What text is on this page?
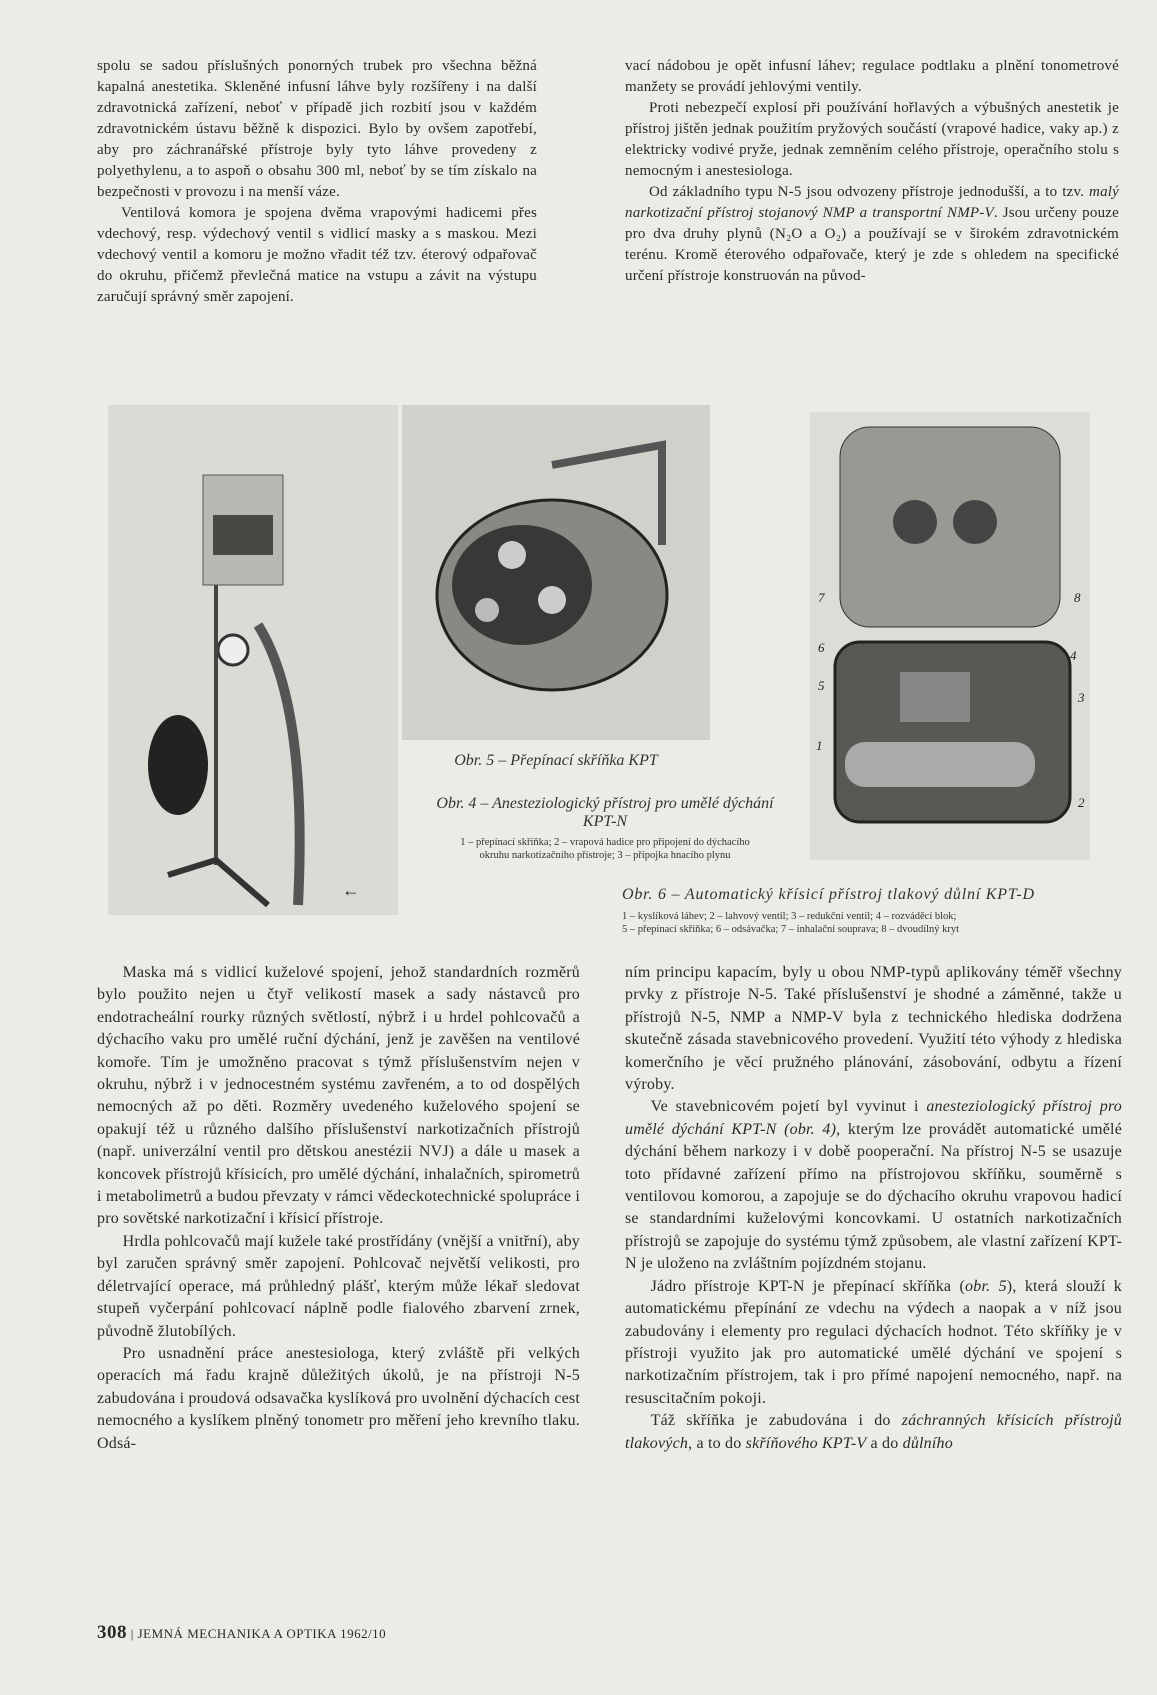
spolu se sadou příslušných ponorných trubek pro všechna běžná kapalná anestetika. Skleněné infusní láhve byly rozšířeny i na další zdravotnická zařízení, neboť v případě jich rozbití jsou v každém zdravotnickém ústavu běžně k dispozici. Bylo by ovšem zapotřebí, aby pro záchranářské přístroje byly tyto láhve provedeny z polyethylenu, a to aspoň o obsahu 300 ml, neboť by se tím získalo na bezpečnosti v provozu i na menší váze.

Ventilová komora je spojena dvěma vrapovými hadicemi přes vdechový, resp. výdechový ventil s vidlicí masky a s maskou. Mezi vdechový ventil a komoru je možno vřadit též tzv. éterový odpařovač do okruhu, přičemž převlečná matice na vstupu a závit na výstupu zaručují správný směr zapojení.

vací nádobou je opět infusní láhev; regulace podtlaku a plnění tonometrové manžety se provádí jehlovými ventily.

Proti nebezpečí explosí při používání hořlavých a výbušných anestetik je přístroj jištěn jednak použitím pryžových součástí (vrapové hadice, vaky ap.) z elektricky vodivé pryže, jednak zemněním celého přístroje, operačního stolu s nemocným i anestesiologa.

Od základního typu N-5 jsou odvozeny přístroje jednodušší, a to tzv. malý narkotizační přístroj stojanový NMP a transportní NMP-V. Jsou určeny pouze pro dva druhy plynů (N₂O a O₂) a používají se v širokém zdravotnickém terénu. Kromě éterového odpařovače, který je zde s ohledem na specifické určení přístroje konstruován na původ-

Obr. 5 – Přepínací skříňka KPT
Obr. 4 – Anesteziologický přístroj pro umělé dýchání
KPT-N
1 – přepínací skříňka; 2 – vrapová hadice pro připojení do dýchacího
okruhu narkotizačního přístroje; 3 – přípojka hnacího plynu
←
7	8
6
4
5
3
1
2
Obr. 6 – Automatický křísicí přístroj tlakový důlní KPT-D
1 – kyslíková láhev; 2 – lahvový ventil; 3 – redukční ventil; 4 – rozváděcí blok;
5 – přepínací skříňka; 6 – odsávačka; 7 – inhalační souprava; 8 – dvoudílný kryt

Maska má s vidlicí kuželové spojení, jehož standardních rozměrů bylo použito nejen u čtyř velikostí masek a sady nástavců pro endotracheální rourky různých světlostí, nýbrž i u hrdel pohlcovačů a dýchacího vaku pro umělé ruční dýchání, jenž je zavěšen na ventilové komoře. Tím je umožněno pracovat s týmž příslušenstvím nejen v okruhu, nýbrž i v jednocestném systému zavřeném, a to od dospělých nemocných až po děti. Rozměry uvedeného kuželového spojení se opakují též u různého dalšího příslušenství narkotizačních přístrojů (např. univerzální ventil pro dětskou anestézii NVJ) a dále u masek a koncovek přístrojů křísicích, pro umělé dýchání, inhalačních, spirometrů i metabolimetrů a budou převzaty v rámci vědeckotechnické spolupráce i pro sovětské narkotizační i křísicí přístroje.

Hrdla pohlcovačů mají kužele také prostřídány (vnější a vnitřní), aby byl zaručen správný směr zapojení. Pohlcovač největší velikosti, pro déletrvající operace, má průhledný plášť, kterým může lékař sledovat stupeň vyčerpání pohlcovací náplně podle fialového zbarvení zrnek, původně žlutobílých.

Pro usnadnění práce anestesiologa, který zvláště při velkých operacích má řadu krajně důležitých úkolů, je na přístroji N-5 zabudována i proudová odsavačka kyslíková pro uvolnění dýchacích cest nemocného a kyslíkem plněný tonometr pro měření jeho krevního tlaku. Odsá-

ním principu kapacím, byly u obou NMP-typů aplikovány téměř všechny prvky z přístroje N-5. Také příslušenství je shodné a záměnné, takže u přístrojů N-5, NMP a NMP-V byla z technického hlediska dodržena skutečně zásada stavebnicového provedení. Využití této výhody z hlediska komerčního je věcí pružného plánování, zásobování, odbytu a řízení výroby.

Ve stavebnicovém pojetí byl vyvinut i anesteziologický přístroj pro umělé dýchání KPT-N (obr. 4), kterým lze provádět automatické umělé dýchání během narkozy i v době pooperační. Na přístroj N-5 se usazuje toto přídavné zařízení přímo na přístrojovou skříňku, souměrně s ventilovou komorou, a zapojuje se do dýchacího okruhu vrapovou hadicí se standardními kuželovými koncovkami. U ostatních narkotizačních přístrojů se zapojuje do systému týmž způsobem, ale vlastní zařízení KPT-N je uloženo na zvláštním pojízdném stojanu.

Jádro přístroje KPT-N je přepínací skříňka (obr. 5), která slouží k automatickému přepínání ze vdechu na výdech a naopak a v níž jsou zabudovány i elementy pro regulaci dýchacích hodnot. Této skříňky je v přístroji využito jak pro automatické umělé dýchání ve spojení s narkotizačním přístrojem, tak i pro přímé napojení nemocného, např. na resuscitačním pokoji.

Táž skříňka je zabudována i do záchranných křísicích přístrojů tlakových, a to do skříňového KPT-V a do důlního

308 | JEMNÁ MECHANIKA A OPTIKA 1962/10
